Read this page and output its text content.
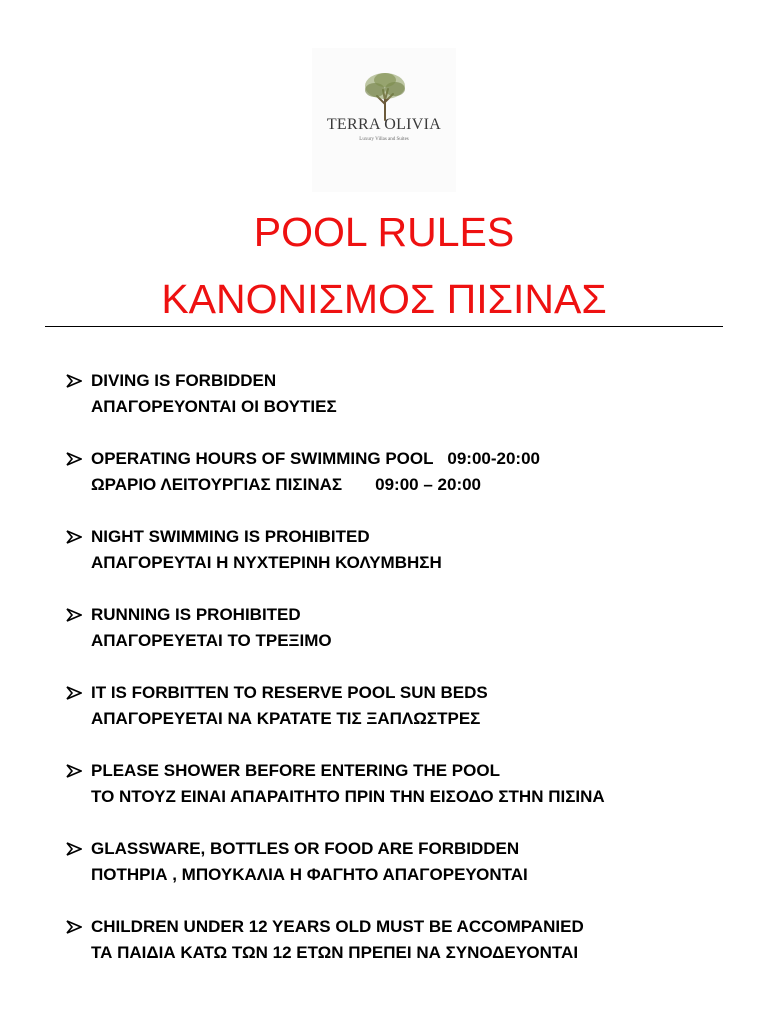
TERRA OLIVIA
Luxury Villas and Suites
POOL RULES
ΚΑΝΟΝΙΣΜΟΣ ΠΙΣΙΝΑΣ
DIVING IS FORBIDDEN
ΑΠΑΓΟΡΕΥΟΝΤΑΙ ΟΙ ΒΟΥΤΙΕΣ
OPERATING HOURS OF SWIMMING POOL   09:00-20:00
ΩΡΑΡΙΟ ΛΕΙΤΟΥΡΓΙΑΣ ΠΙΣΙΝΑΣ       09:00 – 20:00
NIGHT SWIMMING IS PROHIBITED
ΑΠΑΓΟΡΕΥΤΑΙ Η ΝΥΧΤΕΡΙΝΗ ΚΟΛΥΜΒΗΣΗ
RUNNING IS PROHIBITED
ΑΠΑΓΟΡΕΥΕΤΑΙ ΤΟ ΤΡΕΞΙΜΟ
IT IS FORBITTEN TO RESERVE POOL SUN BEDS
ΑΠΑΓΟΡΕΥΕΤΑΙ ΝΑ ΚΡΑΤΑΤΕ ΤΙΣ ΞΑΠΛΩΣΤΡΕΣ
PLEASE SHOWER BEFORE ENTERING THE POOL
ΤΟ ΝΤΟΥΖ ΕΙΝΑΙ ΑΠΑΡΑΙΤΗΤΟ ΠΡΙΝ ΤΗΝ ΕΙΣΟΔΟ ΣΤΗΝ ΠΙΣΙΝΑ
GLASSWARE, BOTTLES OR FOOD ARE FORBIDDEN
ΠΟΤΗΡΙΑ , ΜΠΟΥΚΑΛΙΑ Η ΦΑΓΗΤΟ ΑΠΑΓΟΡΕΥΟΝΤΑΙ
CHILDREN UNDER 12 YEARS OLD MUST BE ACCOMPANIED
ΤΑ ΠΑΙΔΙΑ ΚΑΤΩ ΤΩΝ 12 ΕΤΩΝ ΠΡΕΠΕΙ ΝΑ ΣΥΝΟΔΕΥΟΝΤΑΙ
